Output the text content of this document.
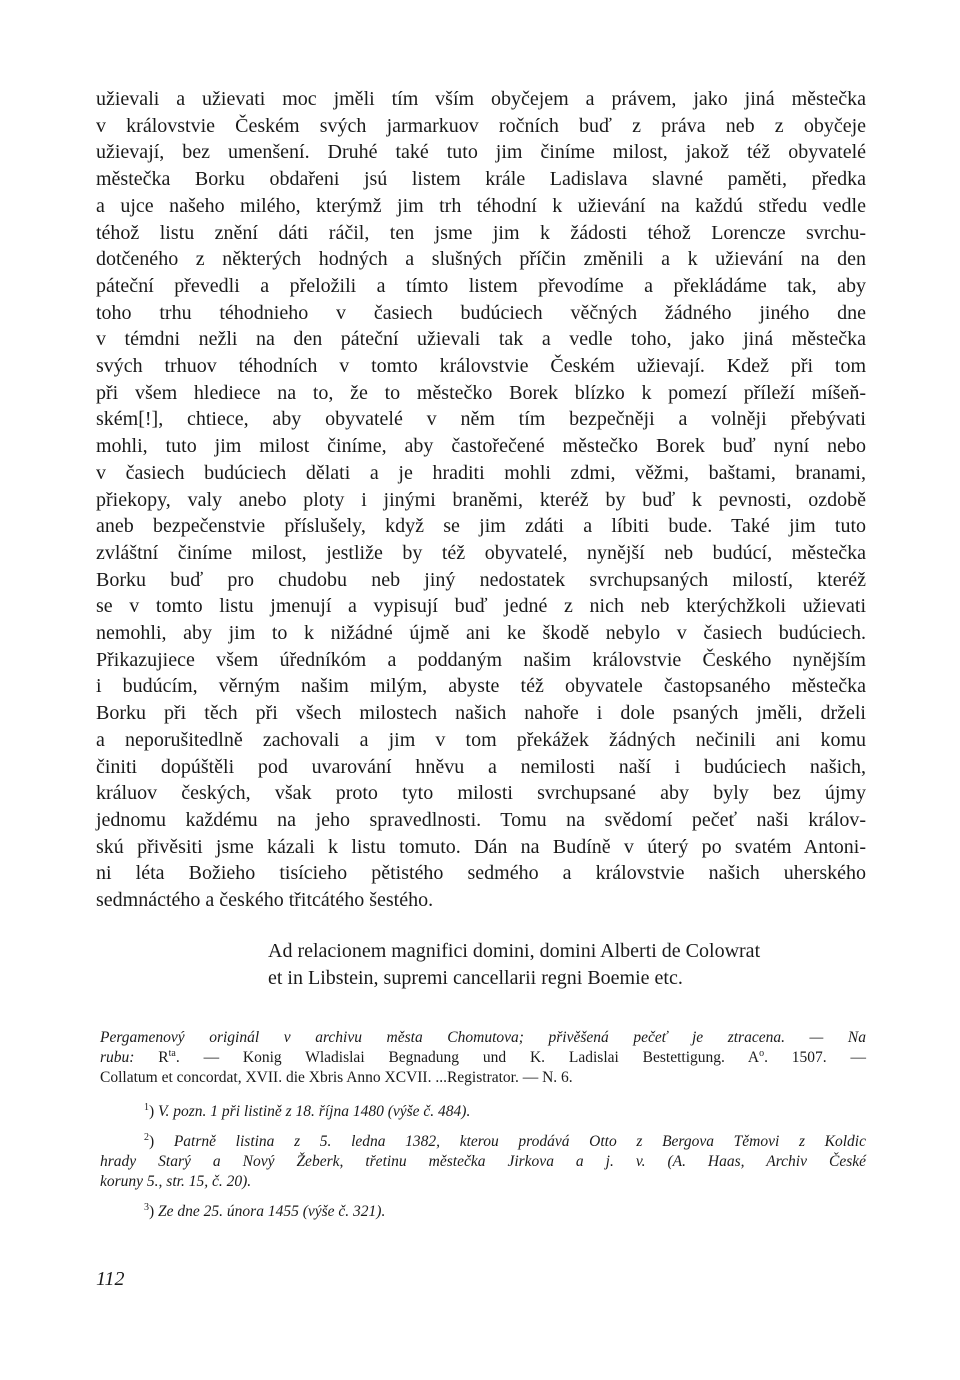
užievali a užievati moc jměli tím vším obyčejem a právem, jako jiná městečka
v královstvie Českém svých jarmarkuov ročních buď z práva neb z obyčeje
užievají, bez umenšení. Druhé také tuto jim činíme milost, jakož též obyvatelé
městečka Borku obdařeni jsú listem krále Ladislava slavné paměti, předka
a ujce našeho milého, kterýmž jim trh téhodní k užievání na každú středu vedle
téhož listu znění dáti ráčil, ten jsme jim k žádosti téhož Lorencze svrchu-
dotčeného z některých hodných a slušných příčin změnili a k užievání na den
páteční převedli a přeložili a tímto listem převodíme a překládáme tak, aby
toho trhu téhodnieho v časiech budúciech věčných žádného jiného dne
v témdni nežli na den páteční užievali tak a vedle toho, jako jiná městečka
svých trhuov téhodních v tomto královstvie Českém užievají. Kdež při tom
při všem hlediece na to, že to městečko Borek blízko k pomezí příleží míšeň-
ském[!], chtiece, aby obyvatelé v něm tím bezpečněji a volněji přebývati
mohli, tuto jim milost činíme, aby častořečené městečko Borek buď nyní nebo
v časiech budúciech dělati a je hraditi mohli zdmi, věžmi, baštami, branami,
přiekopy, valy anebo ploty i jinými braněmi, kteréž by buď k pevnosti, ozdobě
aneb bezpečenstvie příslušely, když se jim zdáti a líbiti bude. Také jim tuto
zvláštní činíme milost, jestliže by též obyvatelé, nynější neb budúcí, městečka
Borku buď pro chudobu neb jiný nedostatek svrchupsaných milostí, kteréž
se v tomto listu jmenují a vypisují buď jedné z nich neb kterýchžkoli užievati
nemohli, aby jim to k nižádné újmě ani ke škodě nebylo v časiech budúciech.
Přikazujiece všem úředníkóm a poddaným našim královstvie Českého nynějším
i budúcím, věrným našim milým, abyste též obyvatele častopsaného městečka
Borku při těch při všech milostech našich nahoře i dole psaných jměli, drželi
a neporušitedlně zachovali a jim v tom překážek žádných nečinili ani komu
činiti dopúštěli pod uvarování hněvu a nemilosti naší i budúciech našich,
králuov českých, však proto tyto milosti svrchupsané aby byly bez újmy
jednomu každému na jeho spravedlnosti. Tomu na svědomí pečeť naši králov-
skú přivěsiti jsme kázali k listu tomuto. Dán na Budíně v úterý po svatém Antoni-
ni léta Božieho tisícieho pětistého sedmého a královstvie našich uherského
sedmnáctého a českého třitcátého šestého.
Ad relacionem magnifici domini, domini Alberti de Colowrat
et in Libstein, supremi cancellarii regni Boemie etc.
Pergamenový originál v archivu města Chomutova; přivěšená pečeť je ztracena. — Na
rubu: $R^{ta}$. — Konig Wladislai Begnadung und K. Ladislai Bestettigung. $A^o$. 1507. —
Collatum et concordat, XVII. die Xbris Anno XCVII. ...Registrator. — N. 6.
$^1$) V. pozn. 1 při listině z 18. října 1480 (výše č. 484).
$^2$) Patrně listina z 5. ledna 1382, kterou prodává Otto z Bergova Těmovi z Koldic
hrady Starý a Nový Žeberk, třetinu městečka Jirkova a j. v. (A. Haas, Archiv České
koruny 5., str. 15, č. 20).
$^3$) Ze dne 25. února 1455 (výše č. 321).
112
